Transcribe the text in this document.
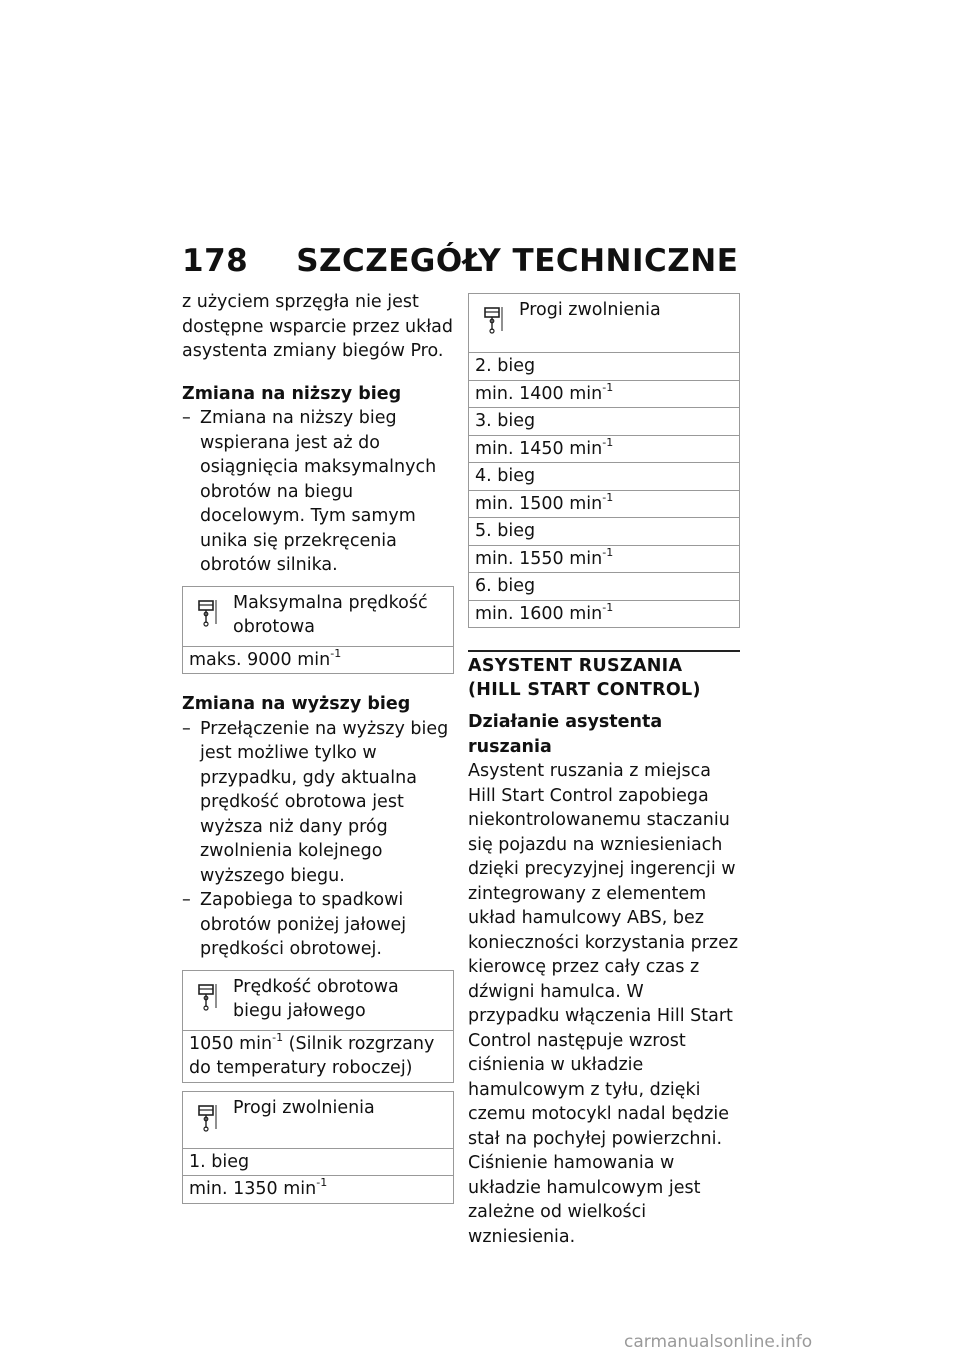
178 SZCZEGÓŁY TECHNICZNE

z użyciem sprzęgła nie jest dostępne wsparcie przez układ asystenta zmiany biegów Pro.

Zmiana na niższy bieg

– Zmiana na niższy bieg wspierana jest aż do osiągnięcia maksymalnych obrotów na biegu docelowym. Tym samym unika się przekręcenia obrotów silnika.

Maksymalna prędkość obrotowa
maks. 9000 $\min^{-1}$

Zmiana na wyższy bieg

– Przełączenie na wyższy bieg jest możliwe tylko w przypadku, gdy aktualna prędkość obrotowa jest wyższa niż dany próg zwolnienia kolejnego wyższego biegu.

– Zapobiega to spadkowi obrotów poniżej jałowej prędkości obrotowej.

Prędkość obrotowa biegu jałowego
1050 $\min^{-1}$ (Silnik rozgrzany do temperatury roboczej)
Progi zwolnienia
1. bieg
min. 1350 $\min^{-1}$
Progi zwolnienia
2. bieg
min. 1400 $\min^{-1}$
3. bieg
min. 1450 $\min^{-1}$
4. bieg
min. 1500 $\min^{-1}$
5. bieg
min. 1550 $\min^{-1}$
6. bieg
min. 1600 $\min^{-1}$
ASYSTENT RUSZANIA
(HILL START CONTROL)

Działanie asystenta ruszania

Asystent ruszania z miejsca Hill Start Control zapobiega niekontrolowanemu staczaniu się pojazdu na wzniesieniach dzięki precyzyjnej ingerencji w zintegrowany z elementem układ hamulcowy ABS, bez konieczności korzystania przez kierowcę przez cały czas z dźwigni hamulca. W przypadku włączenia Hill Start Control następuje wzrost ciśnienia w układzie hamulcowym z tyłu, dzięki czemu motocykl nadal będzie stał na pochyłej powierzchni. Ciśnienie hamowania w układzie hamulcowym jest zależne od wielkości wzniesienia.

carmanualsonline.info
